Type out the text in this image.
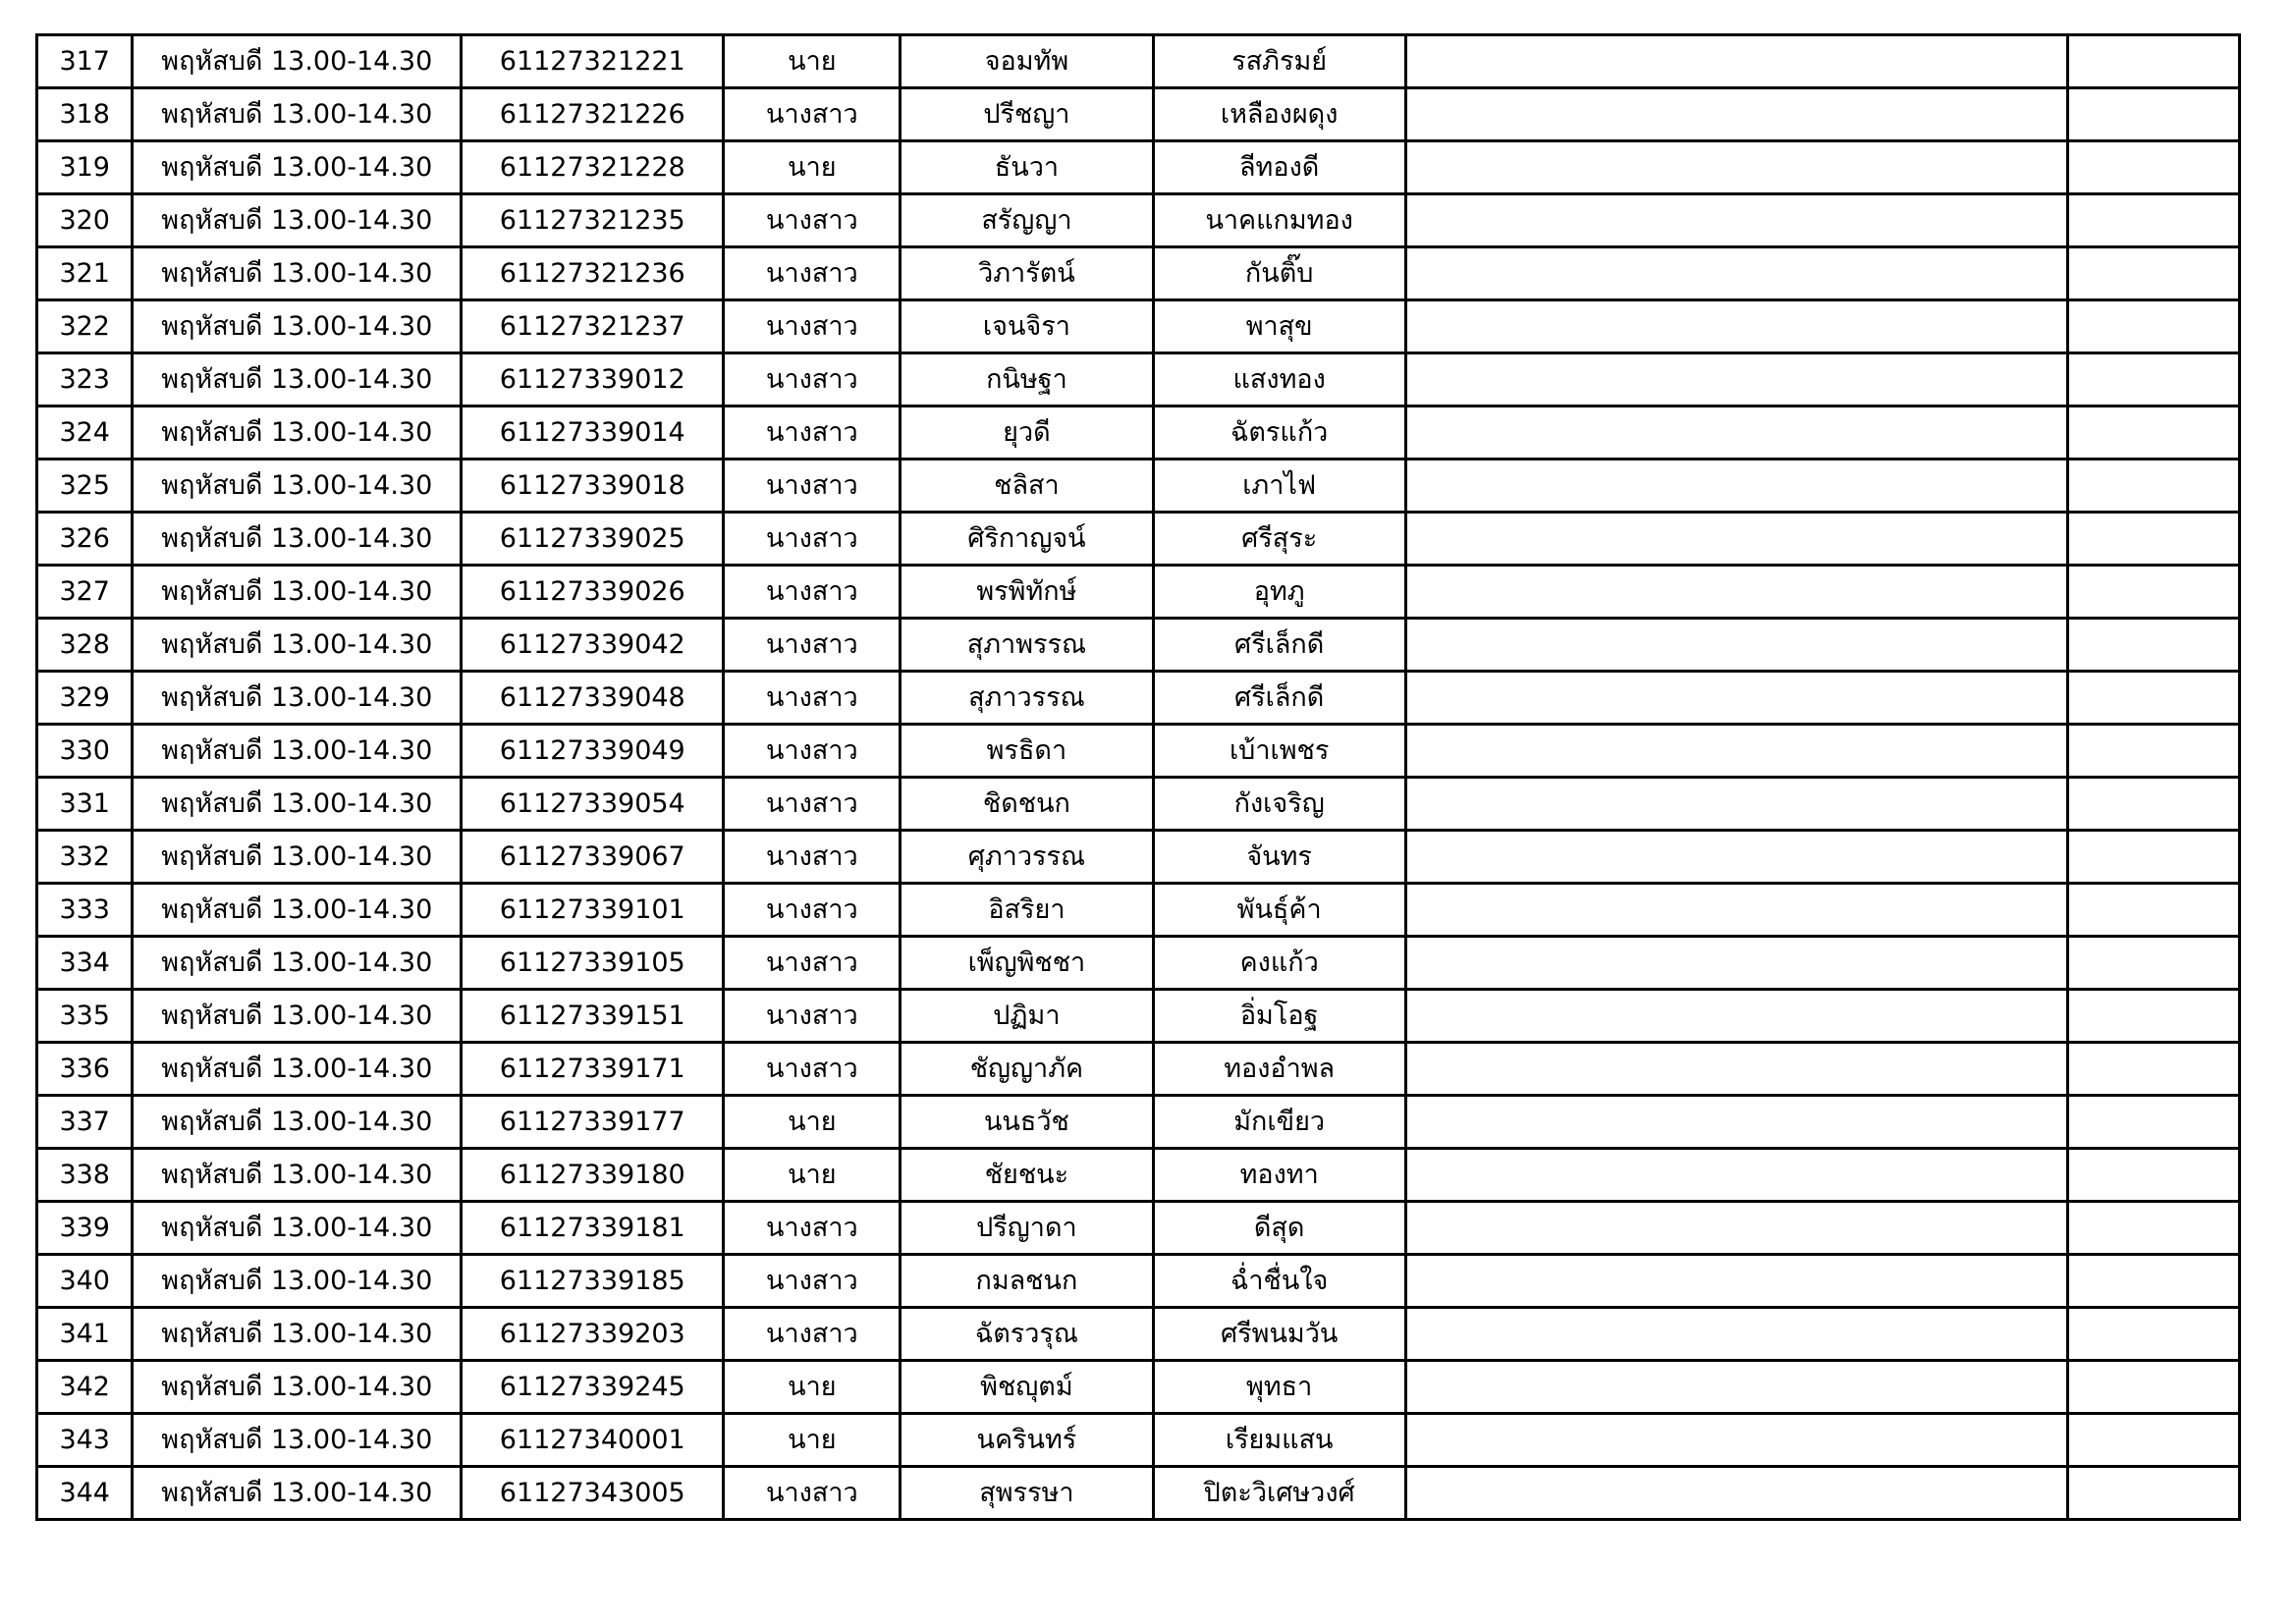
317	พฤหัสบดี 13.00-14.30	61127321221	นาย	จอมทัพ	รสภิรมย์		
318	พฤหัสบดี 13.00-14.30	61127321226	นางสาว	ปรีชญา	เหลืองผดุง		
319	พฤหัสบดี 13.00-14.30	61127321228	นาย	ธันวา	ลีทองดี		
320	พฤหัสบดี 13.00-14.30	61127321235	นางสาว	สรัญญา	นาคแกมทอง		
321	พฤหัสบดี 13.00-14.30	61127321236	นางสาว	วิภารัตน์	กันติ๊บ		
322	พฤหัสบดี 13.00-14.30	61127321237	นางสาว	เจนจิรา	พาสุข		
323	พฤหัสบดี 13.00-14.30	61127339012	นางสาว	กนิษฐา	แสงทอง		
324	พฤหัสบดี 13.00-14.30	61127339014	นางสาว	ยุวดี	ฉัตรแก้ว		
325	พฤหัสบดี 13.00-14.30	61127339018	นางสาว	ชลิสา	เภาไฟ		
326	พฤหัสบดี 13.00-14.30	61127339025	นางสาว	ศิริกาญจน์	ศรีสุระ		
327	พฤหัสบดี 13.00-14.30	61127339026	นางสาว	พรพิทักษ์	อุทภู		
328	พฤหัสบดี 13.00-14.30	61127339042	นางสาว	สุภาพรรณ	ศรีเล็กดี		
329	พฤหัสบดี 13.00-14.30	61127339048	นางสาว	สุภาวรรณ	ศรีเล็กดี		
330	พฤหัสบดี 13.00-14.30	61127339049	นางสาว	พรธิดา	เบ้าเพชร		
331	พฤหัสบดี 13.00-14.30	61127339054	นางสาว	ชิดชนก	กังเจริญ		
332	พฤหัสบดี 13.00-14.30	61127339067	นางสาว	ศุภาวรรณ	จันทร		
333	พฤหัสบดี 13.00-14.30	61127339101	นางสาว	อิสริยา	พันธุ์ค้า		
334	พฤหัสบดี 13.00-14.30	61127339105	นางสาว	เพ็ญพิชชา	คงแก้ว		
335	พฤหัสบดี 13.00-14.30	61127339151	นางสาว	ปฏิมา	อิ่มโอฐ		
336	พฤหัสบดี 13.00-14.30	61127339171	นางสาว	ชัญญาภัค	ทองอำพล		
337	พฤหัสบดี 13.00-14.30	61127339177	นาย	นนธวัช	มักเขียว		
338	พฤหัสบดี 13.00-14.30	61127339180	นาย	ชัยชนะ	ทองทา		
339	พฤหัสบดี 13.00-14.30	61127339181	นางสาว	ปรีญาดา	ดีสุด		
340	พฤหัสบดี 13.00-14.30	61127339185	นางสาว	กมลชนก	ฉ่ำชื่นใจ		
341	พฤหัสบดี 13.00-14.30	61127339203	นางสาว	ฉัตรวรุณ	ศรีพนมวัน		
342	พฤหัสบดี 13.00-14.30	61127339245	นาย	พิชญุตม์	พุทธา		
343	พฤหัสบดี 13.00-14.30	61127340001	นาย	นครินทร์	เรียมแสน		
344	พฤหัสบดี 13.00-14.30	61127343005	นางสาว	สุพรรษา	ปิตะวิเศษวงศ์		
